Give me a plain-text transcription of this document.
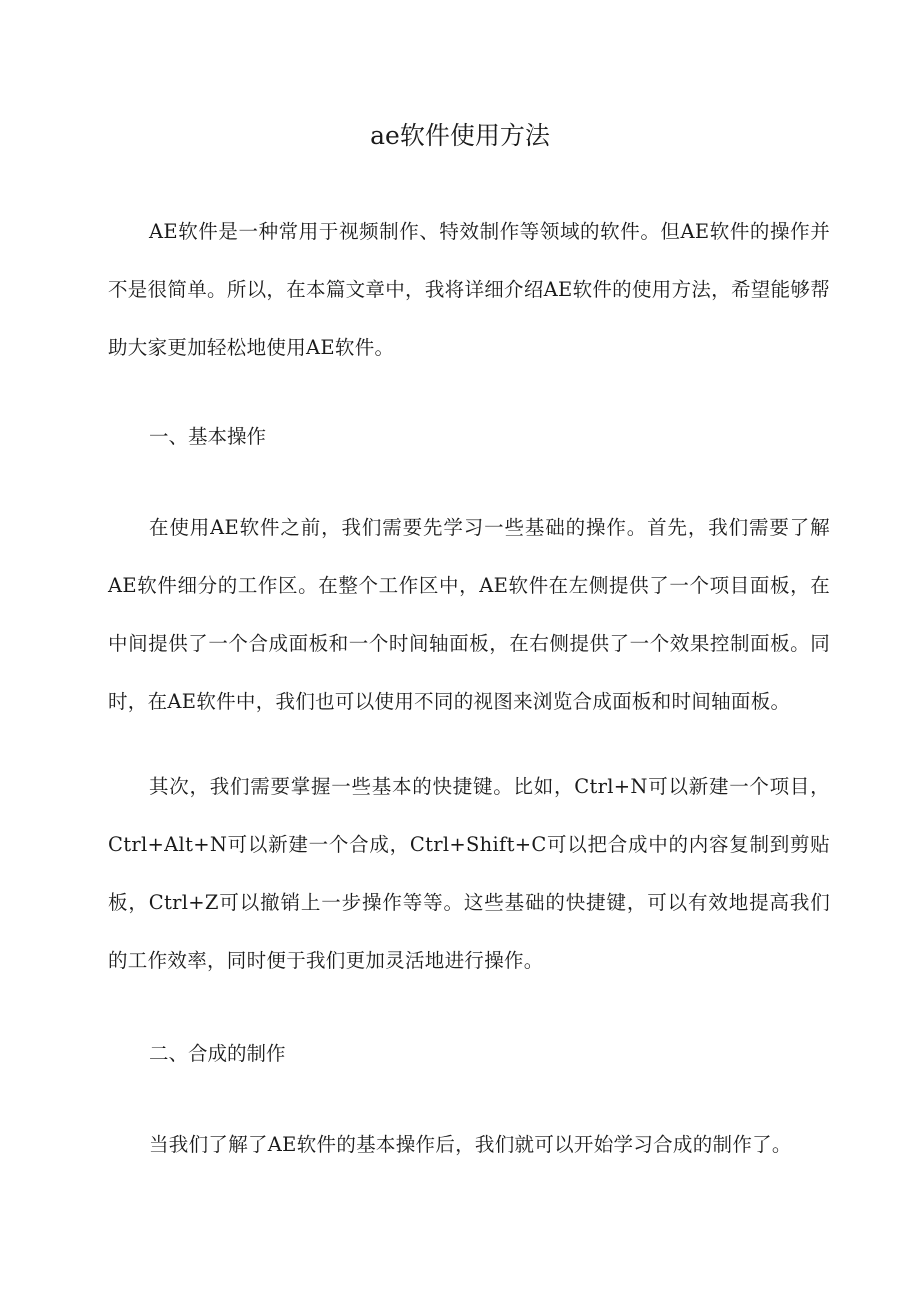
ae软件使用方法

AE软件是一种常用于视频制作、特效制作等领域的软件。但AE软件的操作并不是很简单。所以，在本篇文章中，我将详细介绍AE软件的使用方法，希望能够帮助大家更加轻松地使用AE软件。

一、基本操作

在使用AE软件之前，我们需要先学习一些基础的操作。首先，我们需要了解AE软件细分的工作区。在整个工作区中，AE软件在左侧提供了一个项目面板，在中间提供了一个合成面板和一个时间轴面板，在右侧提供了一个效果控制面板。同时，在AE软件中，我们也可以使用不同的视图来浏览合成面板和时间轴面板。

其次，我们需要掌握一些基本的快捷键。比如，Ctrl+N可以新建一个项目，Ctrl+Alt+N可以新建一个合成，Ctrl+Shift+C可以把合成中的内容复制到剪贴板，Ctrl+Z可以撤销上一步操作等等。这些基础的快捷键，可以有效地提高我们的工作效率，同时便于我们更加灵活地进行操作。

二、合成的制作

当我们了解了AE软件的基本操作后，我们就可以开始学习合成的制作了。
